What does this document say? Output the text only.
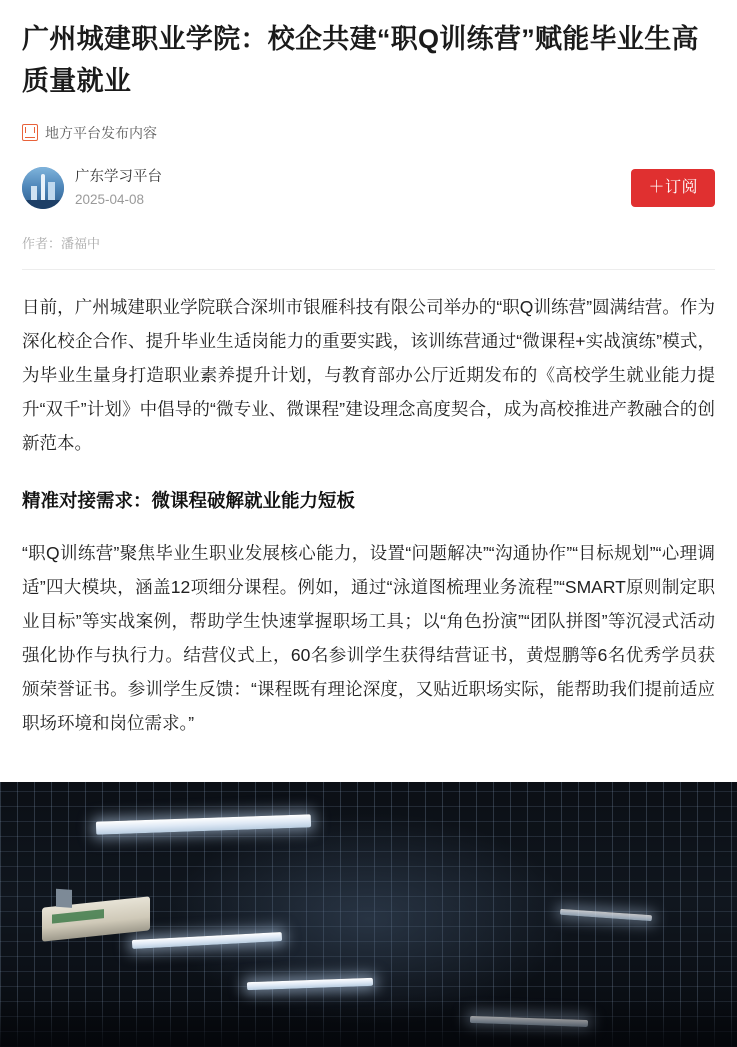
广州城建职业学院：校企共建“职Q训练营”赋能毕业生高质量就业
地方平台发布内容
广东学习平台
2025-04-08
＋订阅
作者：潘福中

日前，广州城建职业学院联合深圳市银雁科技有限公司举办的“职Q训练营”圆满结营。作为深化校企合作、提升毕业生适岗能力的重要实践，该训练营通过“微课程+实战演练”模式，为毕业生量身打造职业素养提升计划，与教育部办公厅近期发布的《高校学生就业能力提升“双千”计划》中倡导的“微专业、微课程”建设理念高度契合，成为高校推进产教融合的创新范本。

精准对接需求：微课程破解就业能力短板

“职Q训练营”聚焦毕业生职业发展核心能力，设置“问题解决”“沟通协作”“目标规划”“心理调适”四大模块，涵盖12项细分课程。例如，通过“泳道图梳理业务流程”“SMART原则制定职业目标”等实战案例，帮助学生快速掌握职场工具；以“角色扮演”“团队拼图”等沉浸式活动强化协作与执行力。结营仪式上，60名参训学生获得结营证书，黄煜鹏等6名优秀学员获颁荣誉证书。参训学生反馈：“课程既有理论深度，又贴近职场实际，能帮助我们提前适应职场环境和岗位需求。”
